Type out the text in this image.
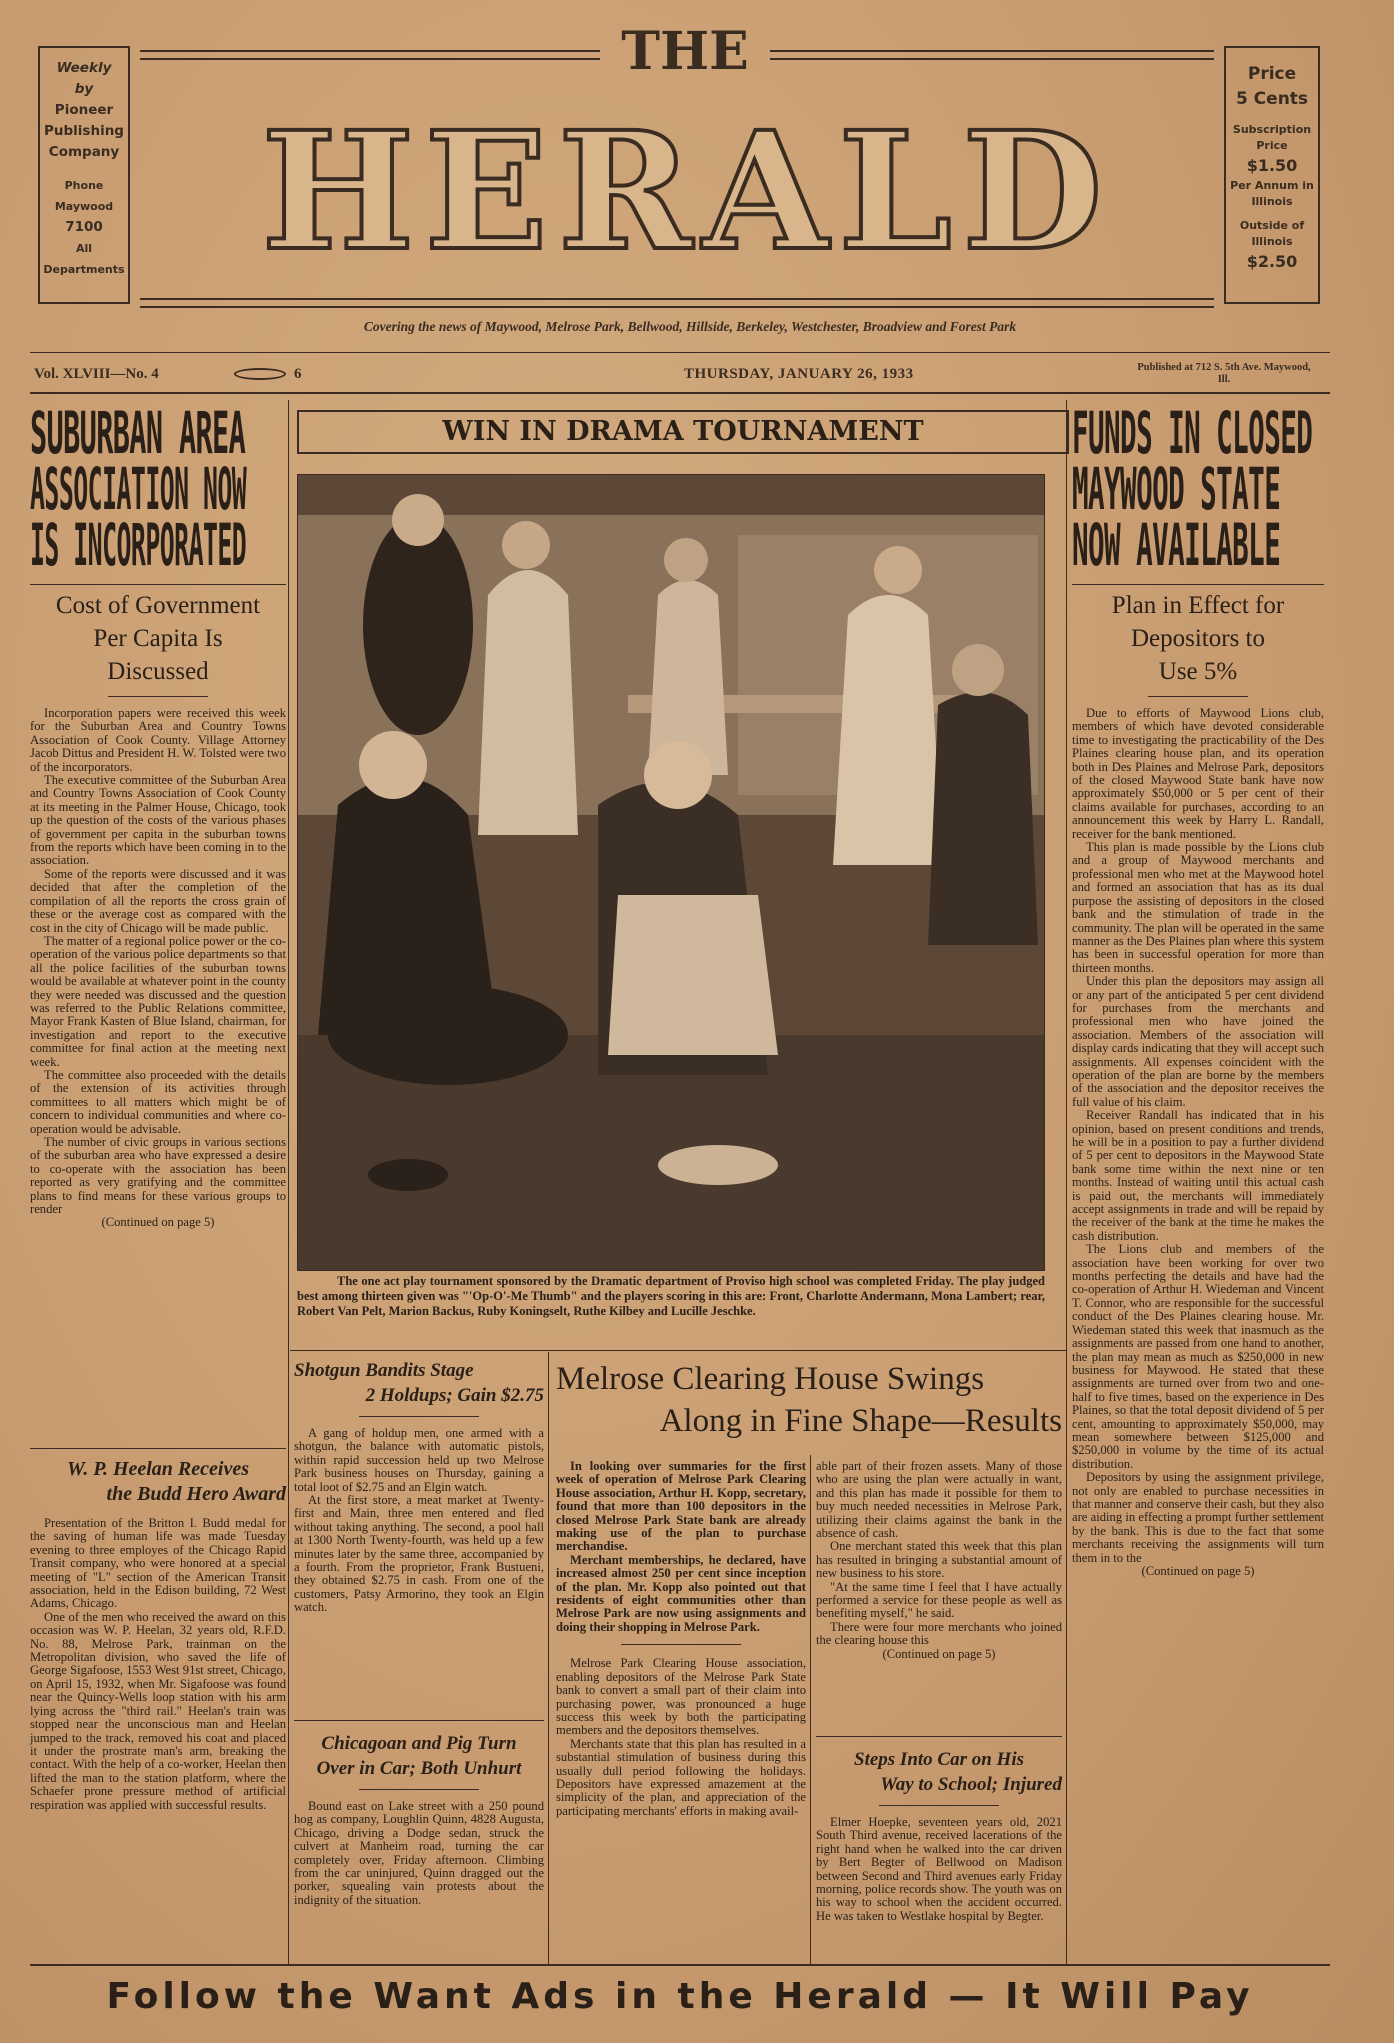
Weekly
by
Pioneer
Publishing
Company
Phone
Maywood
7100
All
Departments
THE
HERALD
Price
5 Cents
Subscription Price
$1.50
Per Annum in Illinois
Outside of Illinois
$2.50
Covering the news of Maywood, Melrose Park, Bellwood, Hillside, Berkeley, Westchester, Broadview and Forest Park
Vol. XLVIII—No. 4	6	THURSDAY, JANUARY 26, 1933	Published at 712 S. 5th Ave. Maywood, Ill.
SUBURBAN AREA
ASSOCIATION NOW
IS INCORPORATED
Cost of Government
Per Capita Is
Discussed

Incorporation papers were received this week for the Suburban Area and Country Towns Association of Cook County. Village Attorney Jacob Dittus and President H. W. Tolsted were two of the incorporators.

The executive committee of the Suburban Area and Country Towns Association of Cook County at its meeting in the Palmer House, Chicago, took up the question of the costs of the various phases of government per capita in the suburban towns from the reports which have been coming in to the association.

Some of the reports were discussed and it was decided that after the completion of the compilation of all the reports the cross grain of these or the average cost as compared with the cost in the city of Chicago will be made public.

The matter of a regional police power or the co-operation of the various police departments so that all the police facilities of the suburban towns would be available at whatever point in the county they were needed was discussed and the question was referred to the Public Relations committee, Mayor Frank Kasten of Blue Island, chairman, for investigation and report to the executive committee for final action at the meeting next week.

The committee also proceeded with the details of the extension of its activities through committees to all matters which might be of concern to individual communities and where co-operation would be advisable.

The number of civic groups in various sections of the suburban area who have expressed a desire to co-operate with the association has been reported as very gratifying and the committee plans to find means for these various groups to render

(Continued on page 5)

W. P. Heelan Receives
the Budd Hero Award

Presentation of the Britton I. Budd medal for the saving of human life was made Tuesday evening to three employes of the Chicago Rapid Transit company, who were honored at a special meeting of "L" section of the American Transit association, held in the Edison building, 72 West Adams, Chicago.

One of the men who received the award on this occasion was W. P. Heelan, 32 years old, R.F.D. No. 88, Melrose Park, trainman on the Metropolitan division, who saved the life of George Sigafoose, 1553 West 91st street, Chicago, on April 15, 1932, when Mr. Sigafoose was found near the Quincy-Wells loop station with his arm lying across the "third rail." Heelan's train was stopped near the unconscious man and Heelan jumped to the track, removed his coat and placed it under the prostrate man's arm, breaking the contact. With the help of a co-worker, Heelan then lifted the man to the station platform, where the Schaefer prone pressure method of artificial respiration was applied with successful results.

WIN IN DRAMA TOURNAMENT

The one act play tournament sponsored by the Dramatic department of Proviso high school was completed Friday. The play judged best among thirteen given was "'Op-O'-Me Thumb" and the players scoring in this are: Front, Charlotte Andermann, Mona Lambert; rear, Robert Van Pelt, Marion Backus, Ruby Koningselt, Ruthe Kilbey and Lucille Jeschke.

Shotgun Bandits Stage
2 Holdups; Gain $2.75

A gang of holdup men, one armed with a shotgun, the balance with automatic pistols, within rapid succession held up two Melrose Park business houses on Thursday, gaining a total loot of $2.75 and an Elgin watch.

At the first store, a meat market at Twenty-first and Main, three men entered and fled without taking anything. The second, a pool hall at 1300 North Twenty-fourth, was held up a few minutes later by the same three, accompanied by a fourth. From the proprietor, Frank Bustueni, they obtained $2.75 in cash. From one of the customers, Patsy Armorino, they took an Elgin watch.

Chicagoan and Pig Turn
Over in Car; Both Unhurt

Bound east on Lake street with a 250 pound hog as company, Loughlin Quinn, 4828 Augusta, Chicago, driving a Dodge sedan, struck the culvert at Manheim road, turning the car completely over, Friday afternoon. Climbing from the car uninjured, Quinn dragged out the porker, squealing vain protests about the indignity of the situation.

Melrose Clearing House Swings
Along in Fine Shape—Results

In looking over summaries for the first week of operation of Melrose Park Clearing House association, Arthur H. Kopp, secretary, found that more than 100 depositors in the closed Melrose Park State bank are already making use of the plan to purchase merchandise.

Merchant memberships, he declared, have increased almost 250 per cent since inception of the plan. Mr. Kopp also pointed out that residents of eight communities other than Melrose Park are now using assignments and doing their shopping in Melrose Park.

Melrose Park Clearing House association, enabling depositors of the Melrose Park State bank to convert a small part of their claim into purchasing power, was pronounced a huge success this week by both the participating members and the depositors themselves.

Merchants state that this plan has resulted in a substantial stimulation of business during this usually dull period following the holidays. Depositors have expressed amazement at the simplicity of the plan, and appreciation of the participating merchants' efforts in making avail-

able part of their frozen assets. Many of those who are using the plan were actually in want, and this plan has made it possible for them to buy much needed necessities in Melrose Park, utilizing their claims against the bank in the absence of cash.

One merchant stated this week that this plan has resulted in bringing a substantial amount of new business to his store.

"At the same time I feel that I have actually performed a service for these people as well as benefiting myself," he said.

There were four more merchants who joined the clearing house this

(Continued on page 5)

Steps Into Car on His
Way to School; Injured

Elmer Hoepke, seventeen years old, 2021 South Third avenue, received lacerations of the right hand when he walked into the car driven by Bert Begter of Bellwood on Madison between Second and Third avenues early Friday morning, police records show. The youth was on his way to school when the accident occurred. He was taken to Westlake hospital by Begter.

FUNDS IN CLOSED
MAYWOOD STATE
NOW AVAILABLE
Plan in Effect for
Depositors to
Use 5%

Due to efforts of Maywood Lions club, members of which have devoted considerable time to investigating the practicability of the Des Plaines clearing house plan, and its operation both in Des Plaines and Melrose Park, depositors of the closed Maywood State bank have now approximately $50,000 or 5 per cent of their claims available for purchases, according to an announcement this week by Harry L. Randall, receiver for the bank mentioned.

This plan is made possible by the Lions club and a group of Maywood merchants and professional men who met at the Maywood hotel and formed an association that has as its dual purpose the assisting of depositors in the closed bank and the stimulation of trade in the community. The plan will be operated in the same manner as the Des Plaines plan where this system has been in successful operation for more than thirteen months.

Under this plan the depositors may assign all or any part of the anticipated 5 per cent dividend for purchases from the merchants and professional men who have joined the association. Members of the association will display cards indicating that they will accept such assignments. All expenses coincident with the operation of the plan are borne by the members of the association and the depositor receives the full value of his claim.

Receiver Randall has indicated that in his opinion, based on present conditions and trends, he will be in a position to pay a further dividend of 5 per cent to depositors in the Maywood State bank some time within the next nine or ten months. Instead of waiting until this actual cash is paid out, the merchants will immediately accept assignments in trade and will be repaid by the receiver of the bank at the time he makes the cash distribution.

The Lions club and members of the association have been working for over two months perfecting the details and have had the co-operation of Arthur H. Wiedeman and Vincent T. Connor, who are responsible for the successful conduct of the Des Plaines clearing house. Mr. Wiedeman stated this week that inasmuch as the assignments are passed from one hand to another, the plan may mean as much as $250,000 in new business for Maywood. He stated that these assignments are turned over from two and one-half to five times, based on the experience in Des Plaines, so that the total deposit dividend of 5 per cent, amounting to approximately $50,000, may mean somewhere between $125,000 and $250,000 in volume by the time of its actual distribution.

Depositors by using the assignment privilege, not only are enabled to purchase necessities in that manner and conserve their cash, but they also are aiding in effecting a prompt further settlement by the bank. This is due to the fact that some merchants receiving the assignments will turn them in to the

(Continued on page 5)

Follow the Want Ads in the Herald — It Will Pay
